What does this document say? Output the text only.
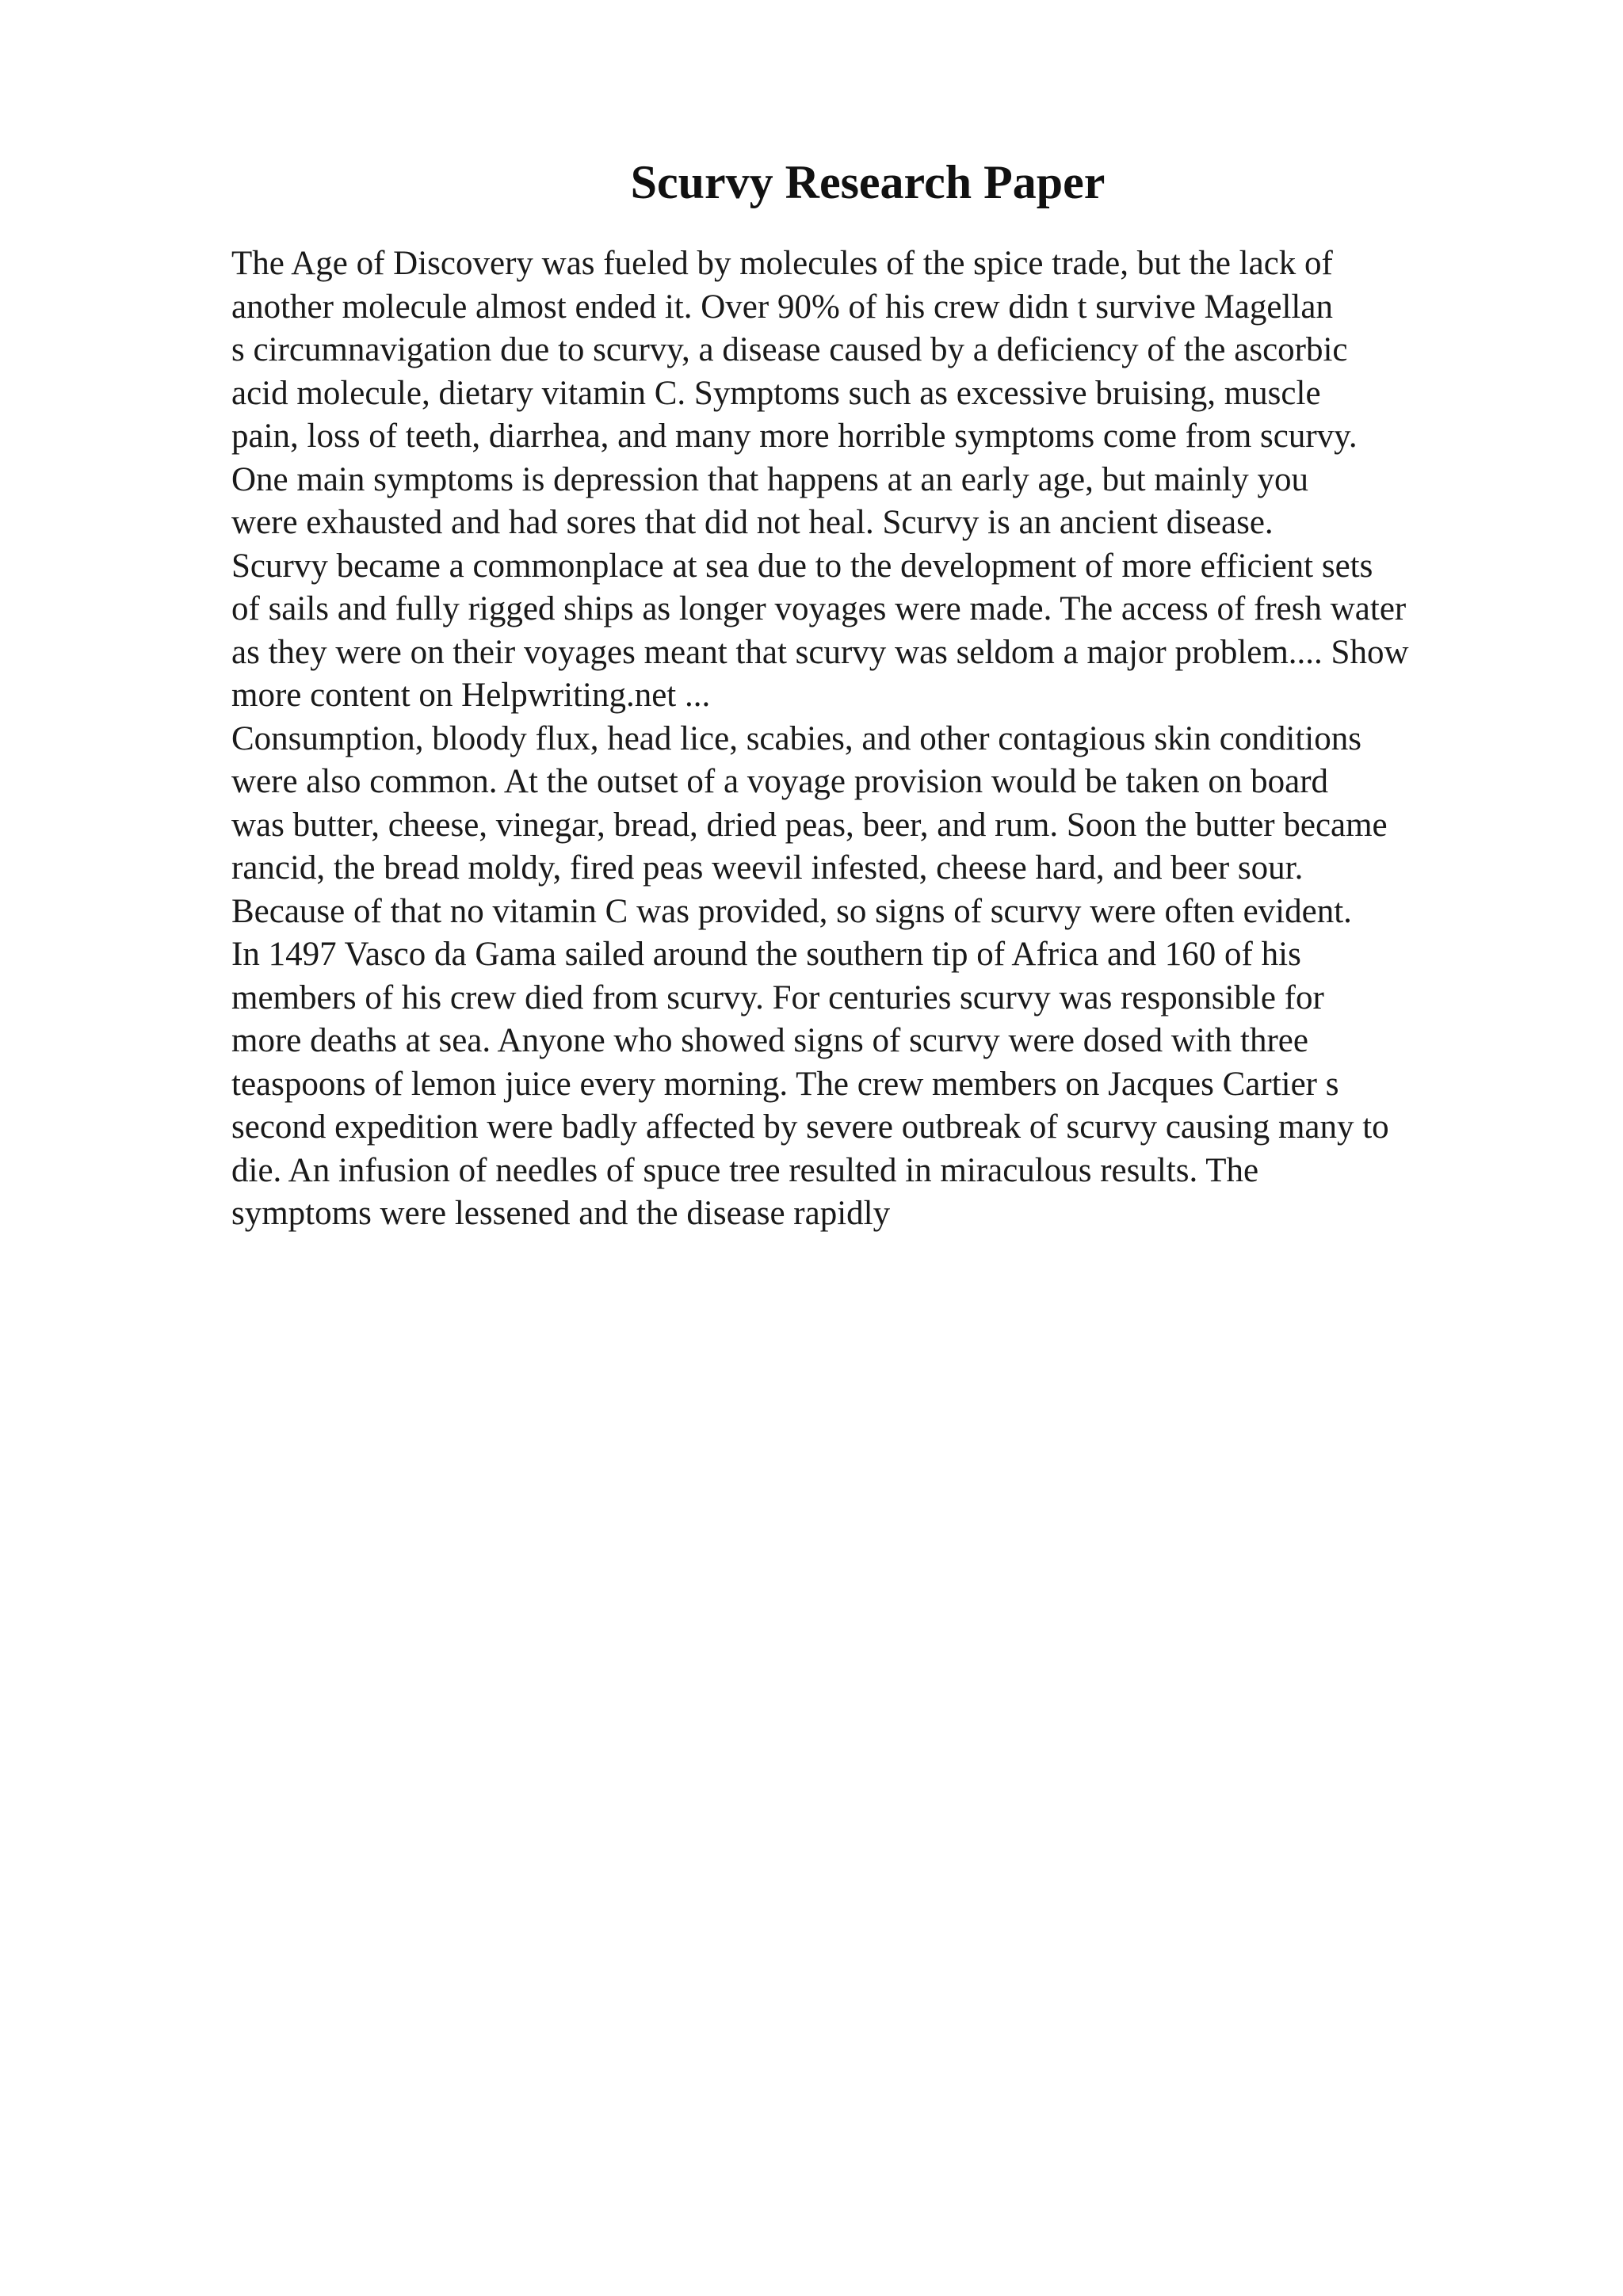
Scurvy Research Paper

The Age of Discovery was fueled by molecules of the spice trade, but the lack of

another molecule almost ended it. Over 90% of his crew didn t survive Magellan

s circumnavigation due to scurvy, a disease caused by a deficiency of the ascorbic

acid molecule, dietary vitamin C. Symptoms such as excessive bruising, muscle

pain, loss of teeth, diarrhea, and many more horrible symptoms come from scurvy.

One main symptoms is depression that happens at an early age, but mainly you

were exhausted and had sores that did not heal. Scurvy is an ancient disease.

Scurvy became a commonplace at sea due to the development of more efficient sets

of sails and fully rigged ships as longer voyages were made. The access of fresh water

as they were on their voyages meant that scurvy was seldom a major problem.... Show

more content on Helpwriting.net ...

Consumption, bloody flux, head lice, scabies, and other contagious skin conditions

were also common. At the outset of a voyage provision would be taken on board

was butter, cheese, vinegar, bread, dried peas, beer, and rum. Soon the butter became

rancid, the bread moldy, fired peas weevil infested, cheese hard, and beer sour.

Because of that no vitamin C was provided, so signs of scurvy were often evident.

In 1497 Vasco da Gama sailed around the southern tip of Africa and 160 of his

members of his crew died from scurvy. For centuries scurvy was responsible for

more deaths at sea. Anyone who showed signs of scurvy were dosed with three

teaspoons of lemon juice every morning. The crew members on Jacques Cartier s

second expedition were badly affected by severe outbreak of scurvy causing many to

die. An infusion of needles of spuce tree resulted in miraculous results. The

symptoms were lessened and the disease rapidly
